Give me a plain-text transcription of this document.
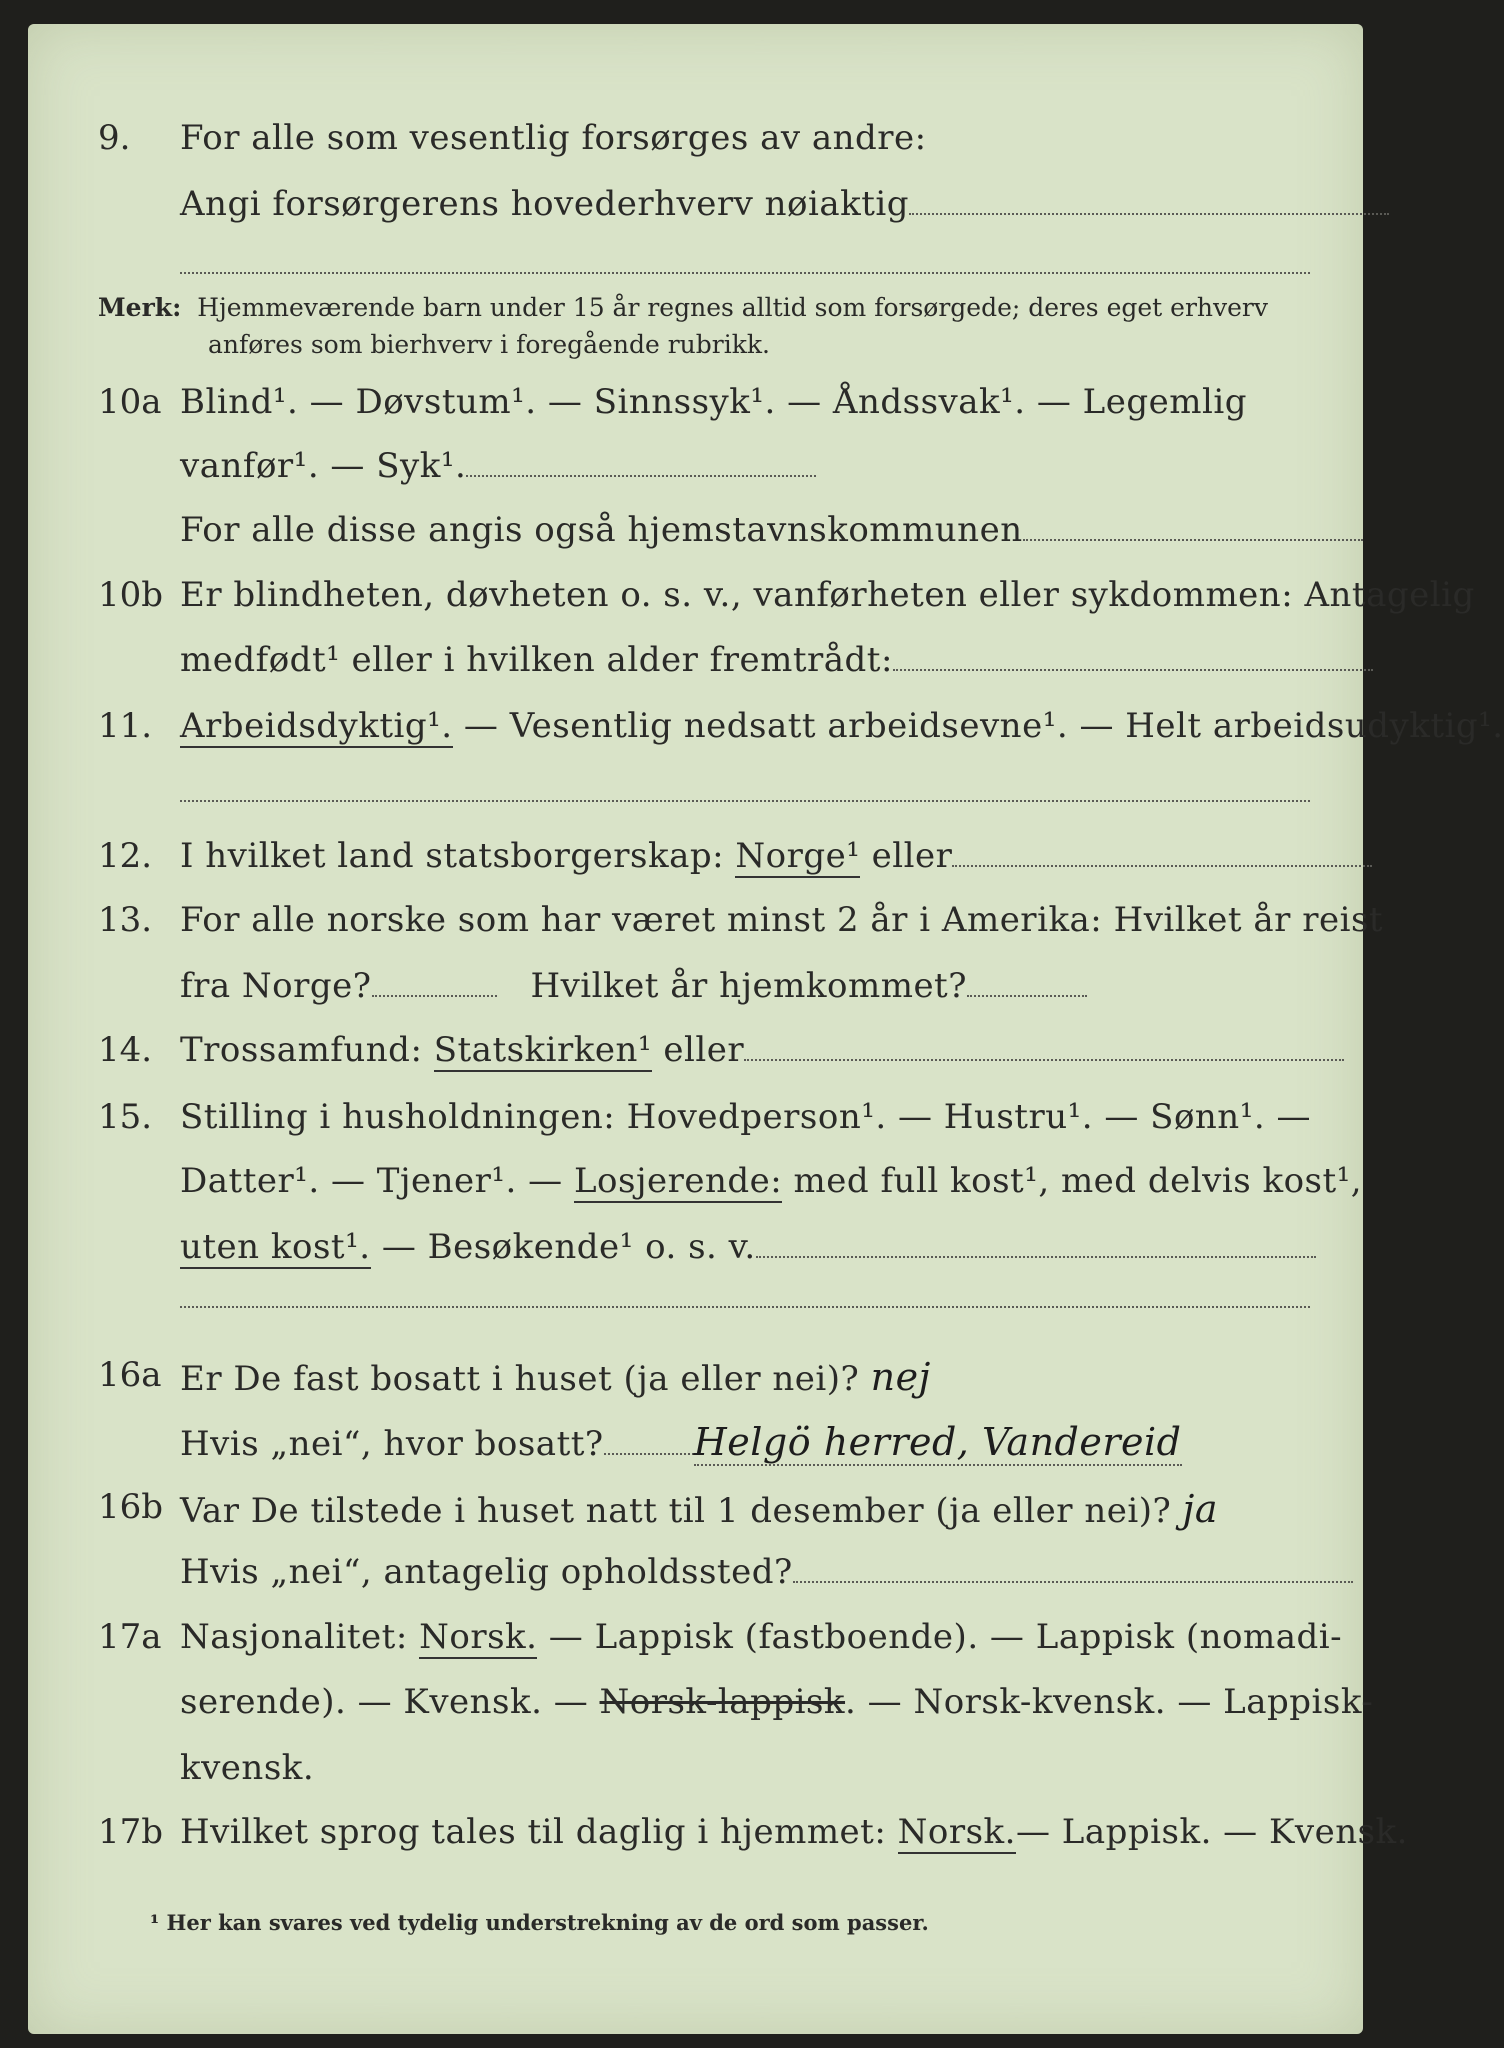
9. For alle som vesentlig forsørges av andre:
Angi forsørgerens hovederhverv nøiaktig
Merk: Hjemmeværende barn under 15 år regnes alltid som forsørgede; deres eget erhverv
anføres som bierhverv i foregående rubrikk.
10a Blind¹. — Døvstum¹. — Sinnssyk¹. — Åndssvak¹. — Legemlig
vanfør¹. — Syk¹.
For alle disse angis også hjemstavnskommunen
10b Er blindheten, døvheten o. s. v., vanførheten eller sykdommen: Antagelig
medfødt¹ eller i hvilken alder fremtrådt:
11. Arbeidsdyktig¹. — Vesentlig nedsatt arbeidsevne¹. — Helt arbeidsudyktig¹.
12. I hvilket land statsborgerskap: Norge¹ eller
13. For alle norske som har været minst 2 år i Amerika: Hvilket år reist
fra Norge?	Hvilket år hjemkommet?
14. Trossamfund: Statskirken¹ eller
15. Stilling i husholdningen: Hovedperson¹. — Hustru¹. — Sønn¹. —
Datter¹. — Tjener¹. — Losjerende: med full kost¹, med delvis kost¹,
uten kost¹. — Besøkende¹ o. s. v.
16a Er De fast bosatt i huset (ja eller nei)? nej
Hvis „nei“, hvor bosatt? Helgö herred, Vandereid
16b Var De tilstede i huset natt til 1 desember (ja eller nei)? ja
Hvis „nei“, antagelig opholdssted?
17a Nasjonalitet: Norsk. — Lappisk (fastboende). — Lappisk (nomadi-
serende). — Kvensk. — Norsk-lappisk. — Norsk-kvensk. — Lappisk-
kvensk.
17b Hvilket sprog tales til daglig i hjemmet: Norsk.— Lappisk. — Kvensk.
¹ Her kan svares ved tydelig understrekning av de ord som passer.
